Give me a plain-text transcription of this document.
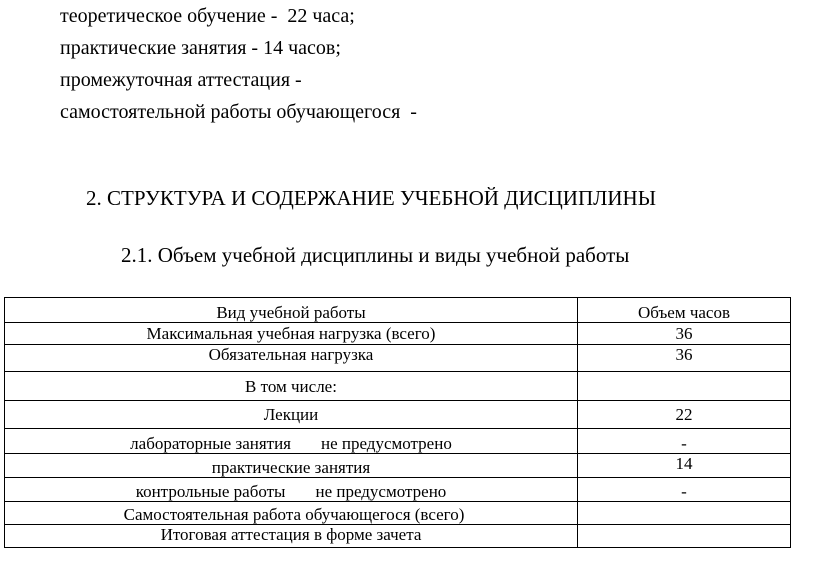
теоретическое обучение -  22 часа;
практические занятия - 14 часов;
промежуточная аттестация -
самостоятельной работы обучающегося  -
2. СТРУКТУРА И СОДЕРЖАНИЕ УЧЕБНОЙ ДИСЦИПЛИНЫ
2.1. Объем учебной дисциплины и виды учебной работы
Вид учебной работы	Объем часов
Максимальная учебная нагрузка (всего)	36
Обязательная нагрузка	36
В том числе:	
Лекции	22
лабораторные занятия не предусмотрено	-
практические занятия	14
контрольные работы не предусмотрено	-
Самостоятельная работа обучающегося (всего)	
Итоговая аттестация в форме зачета	
